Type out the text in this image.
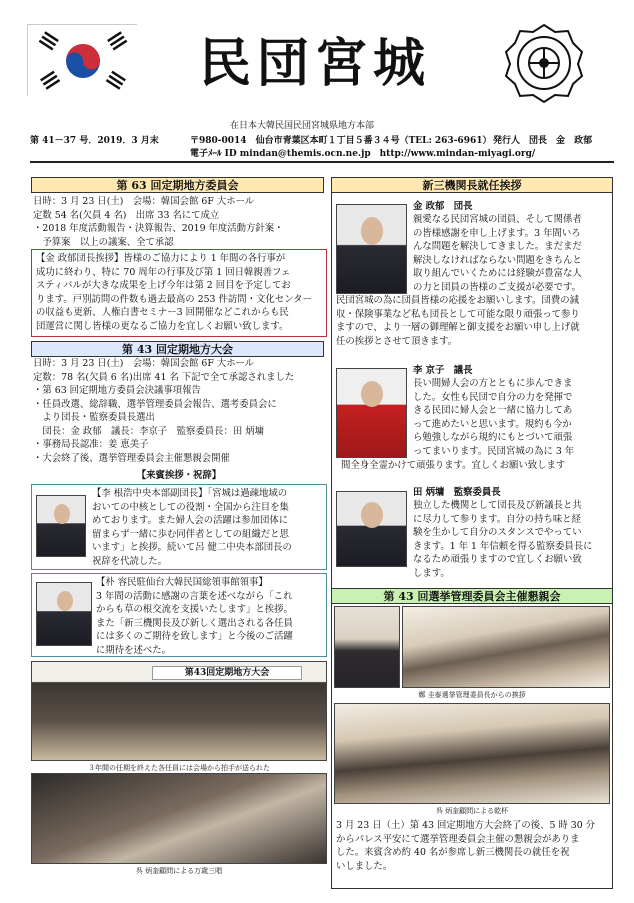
民団宮城
在日本大韓民国民団宮城県地方本部
第 41－37 号．2019．3 月末	〒980-0014　仙台市青葉区本町１丁目５番３４号（TEL: 263-6961） 発行人　団長　金 政郁
電子ﾒｰﾙ ID mindan@themis.ocn.ne.jp　http://www.mindan-miyagi.org/
第 63 回定期地方委員会
日時：3 月 23 日(土)　会場：韓国会館 6F 大ホール
定数 54 名(欠員 4 名)　出席 33 名にて成立
・2018 年度活動報告・決算報告、2019 年度活動方針案・
　予算案　以上の議案、全て承認
【金 政郁団長挨拶】皆様のご協力により 1 年間の各行事が
成功に終わり、特に 70 周年の行事及び第 1 回日韓親善フェ
スティバルが大きな成果を上げ今年は第 2 回目を予定してお
ります。戸別訪問の件数も過去最高の 253 件訪問・文化センター
の収益も更新、人権白書セミナー3 回開催などこれからも民
団運営に関し皆様の更なるご協力を宜しくお願い致します。
第 43 回定期地方大会
日時：3 月 23 日(土)　会場：韓国会館 6F 大ホール
定数：78 名(欠員 6 名)出席 41 名 下記で全て承認されました
・第 63 回定期地方委員会決議事項報告
・任員改選、総辞職、選挙管理委員会報告、選考委員会に
　より団長・監察委員長選出
　団長：金 政郁　議長：李京子　監察委員長：田 炳墉
・事務局長認准：姜 恵美子
・大会終了後、選挙管理委員会主催懇親会開催
【来賓挨拶・祝辞】
【李 根浩中央本部副団長】「宮城は過疎地域の
おいての中核としての役割・全国から注目を集
めております。また婦人会の活躍は参加団体に
留まらず一緒に歩む同伴者としての組織だと思
います」と挨拶。続いて呂 健二中央本部団長の
祝辞を代読した。
【朴 容民駐仙台大韓民国総領事館領事】
3 年間の活動に感謝の言葉を述べながら「これ
からも草の根交流を支援いたします」と挨拶。
また「新三機関長及び新しく選出される各任員
には多くのご期待を致します」と今後のご活躍
に期待を述べた。
第43回定期地方大会
３年間の任期を終えた各任員には会場から拍手が送られた
呉 炳奎顧問による万歳三唱
新三機関長就任挨拶
金 政郁　団長
親愛なる民団宮城の団員、そして関係者
の皆様感謝を申し上げます。3 年間いろ
んな問題を解決してきました。まだまだ
解決しなければならない問題をきちんと
取り組んでいくためには経験が豊富な人
の力と団員の皆様のご支援が必要です。
民団宮城の為に団員皆様の応援をお願いします。団費の減
収・保険事業など私も団長として可能な限り頑張って参り
ますので、より一層の御理解と御支援をお願い申し上げ就
任の挨拶とさせて頂きます。
李 京子　議長
長い間婦人会の方とともに歩んできま
した。女性も民団で自分の力を発揮で
きる民団に婦人会と一緒に協力してあ
って進めたいと思います。規約も今か
ら勉強しながら規約にもとづいて頑張
ってまいります。民団宮城の為に 3 年
間全身全霊かけて頑張ります。宜しくお願い致します
田 炳墉　監察委員長
独立した機関として団長及び新議長と共
に尽力して参ります。自分の持ち味と経
験を生かして自分のスタンスでやってい
きます。1 年 1 年信頼を得る監察委員長に
なるため頑張りますので宜しくお願い致
します。
第 43 回選挙管理委員会主催懇親会
鄭 圭泰選挙管理委員長からの挨拶
呉 炳奎顧問による乾杯
3 月 23 日（土）第 43 回定期地方大会終了の後、5 時 30 分
からパレス平安にて選挙管理委員会主催の懇親会がありま
した。来賓含め約 40 名が参席し新三機関長の就任を祝
いしました。
